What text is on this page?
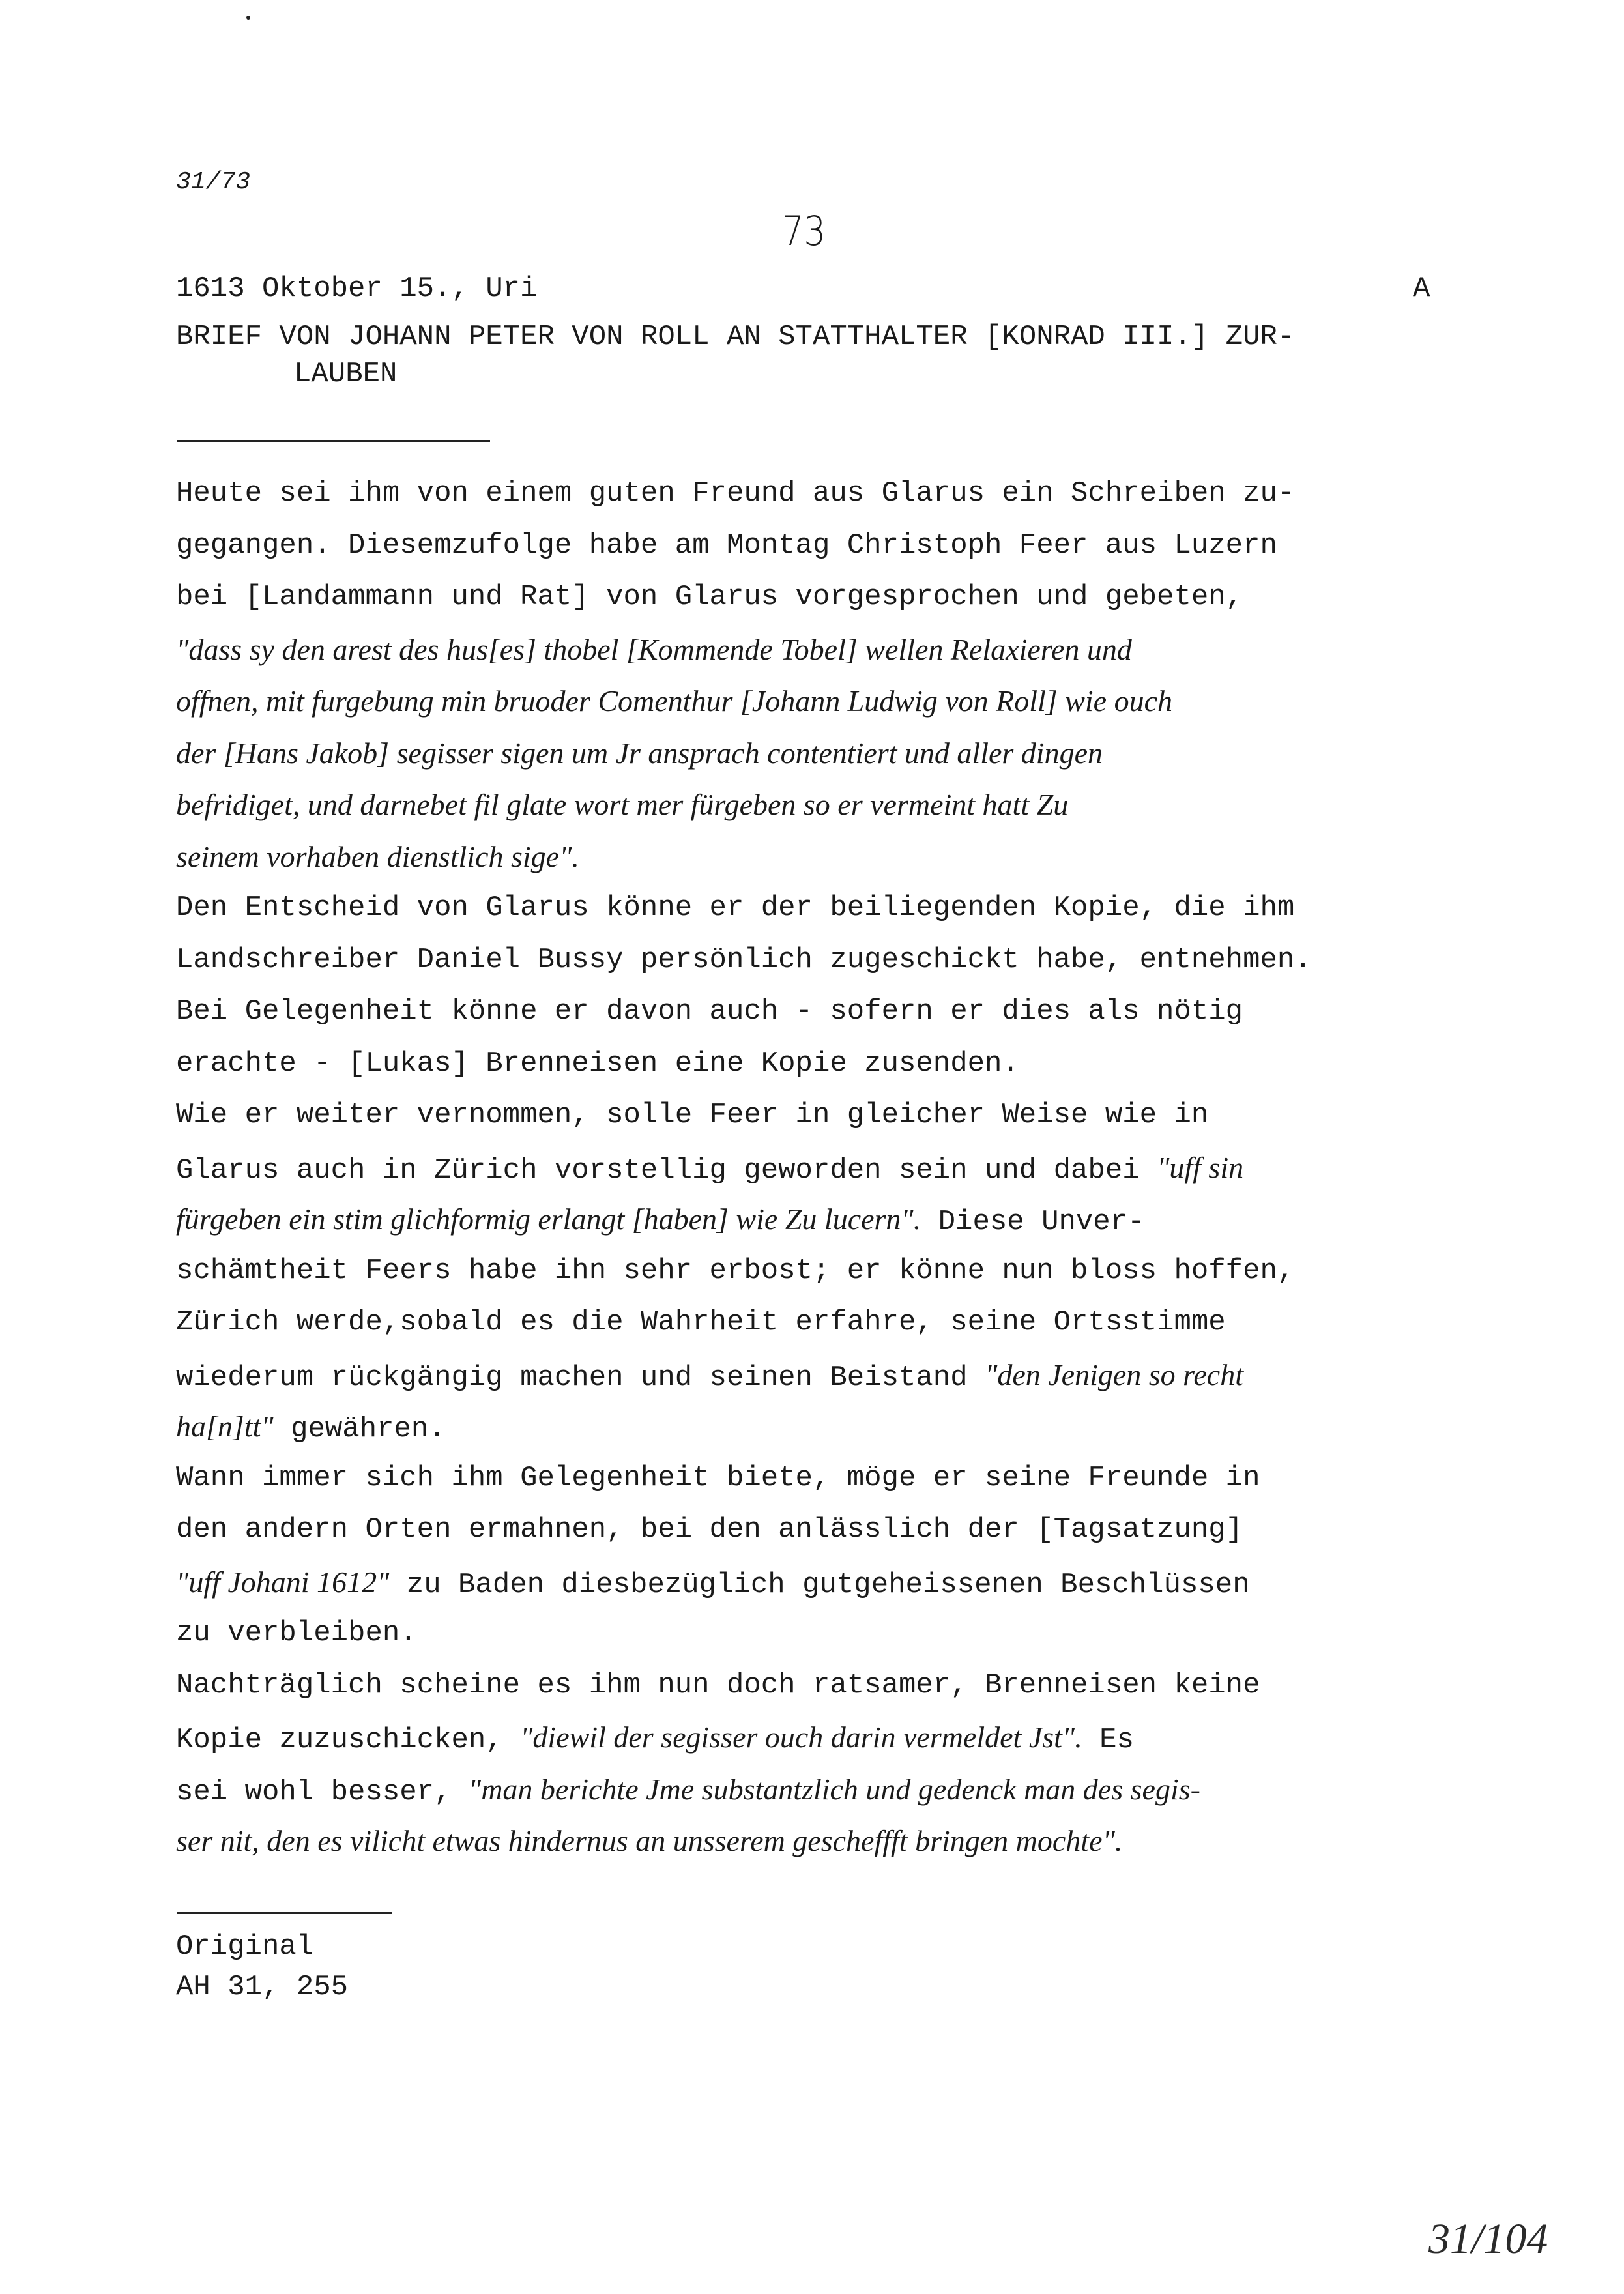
31/73
73
1613 Oktober 15., Uri	A
BRIEF VON JOHANN PETER VON ROLL AN STATTHALTER [KONRAD III.] ZUR-
LAUBEN
Heute sei ihm von einem guten Freund aus Glarus ein Schreiben zu-
gegangen. Diesemzufolge habe am Montag Christoph Feer aus Luzern
bei [Landammann und Rat] von Glarus vorgesprochen und gebeten,
"dass sy den arest des hus[es] thobel [Kommende Tobel] wellen Relaxieren und
offnen, mit furgebung min bruoder Comenthur [Johann Ludwig von Roll] wie ouch
der [Hans Jakob] segisser sigen um Jr ansprach contentiert und aller dingen
befridiget, und darnebet fil glate wort mer fürgeben so er vermeint hatt Zu
seinem vorhaben dienstlich sige".
Den Entscheid von Glarus könne er der beiliegenden Kopie, die ihm
Landschreiber Daniel Bussy persönlich zugeschickt habe, entnehmen.
Bei Gelegenheit könne er davon auch - sofern er dies als nötig
erachte - [Lukas] Brenneisen eine Kopie zusenden.
Wie er weiter vernommen, solle Feer in gleicher Weise wie in
Glarus auch in Zürich vorstellig geworden sein und dabei "uff sin
fürgeben ein stim glichformig erlangt [haben] wie Zu lucern". Diese Unver-
schämtheit Feers habe ihn sehr erbost; er könne nun bloss hoffen,
Zürich werde,sobald es die Wahrheit erfahre, seine Ortsstimme
wiederum rückgängig machen und seinen Beistand "den Jenigen so recht
ha[n]tt" gewähren.
Wann immer sich ihm Gelegenheit biete, möge er seine Freunde in
den andern Orten ermahnen, bei den anlässlich der [Tagsatzung]
"uff Johani 1612" zu Baden diesbezüglich gutgeheissenen Beschlüssen
zu verbleiben.
Nachträglich scheine es ihm nun doch ratsamer, Brenneisen keine
Kopie zuzuschicken, "diewil der segisser ouch darin vermeldet Jst". Es
sei wohl besser, "man berichte Jme substantzlich und gedenck man des segis-
ser nit, den es vilicht etwas hindernus an unsserem gescheffft bringen mochte".
Original
AH 31, 255
31/104
